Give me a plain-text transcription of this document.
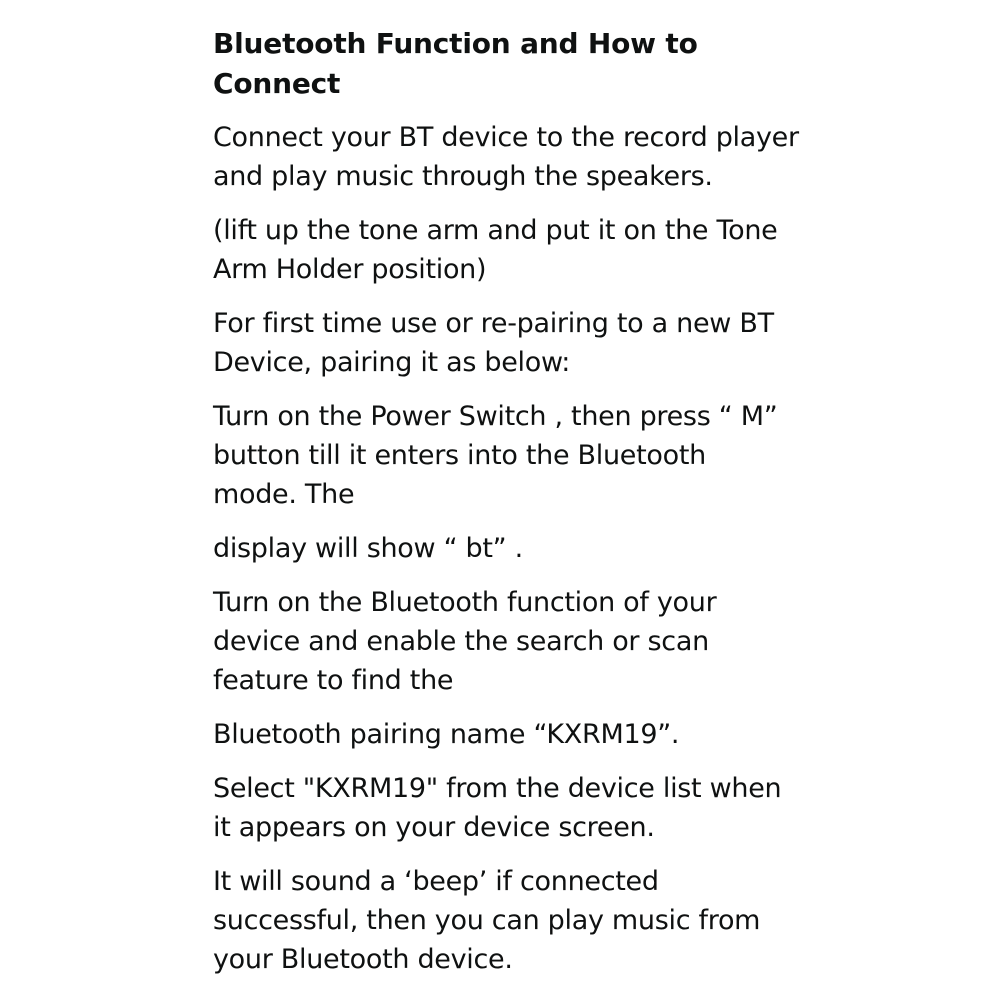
Bluetooth Function and How to
Connect

Connect your BT device to the record player
and play music through the speakers.

(lift up the tone arm and put it on the Tone
Arm Holder position)

For first time use or re-pairing to a new BT
Device, pairing it as below:

Turn on the Power Switch , then press “ M”
button till it enters into the Bluetooth
mode. The

display will show “ bt” .

Turn on the Bluetooth function of your
device and enable the search or scan
feature to find the

Bluetooth pairing name “KXRM19”.

Select "KXRM19" from the device list when
it appears on your device screen.

It will sound a ‘beep’ if connected
successful, then you can play music from
your Bluetooth device.
